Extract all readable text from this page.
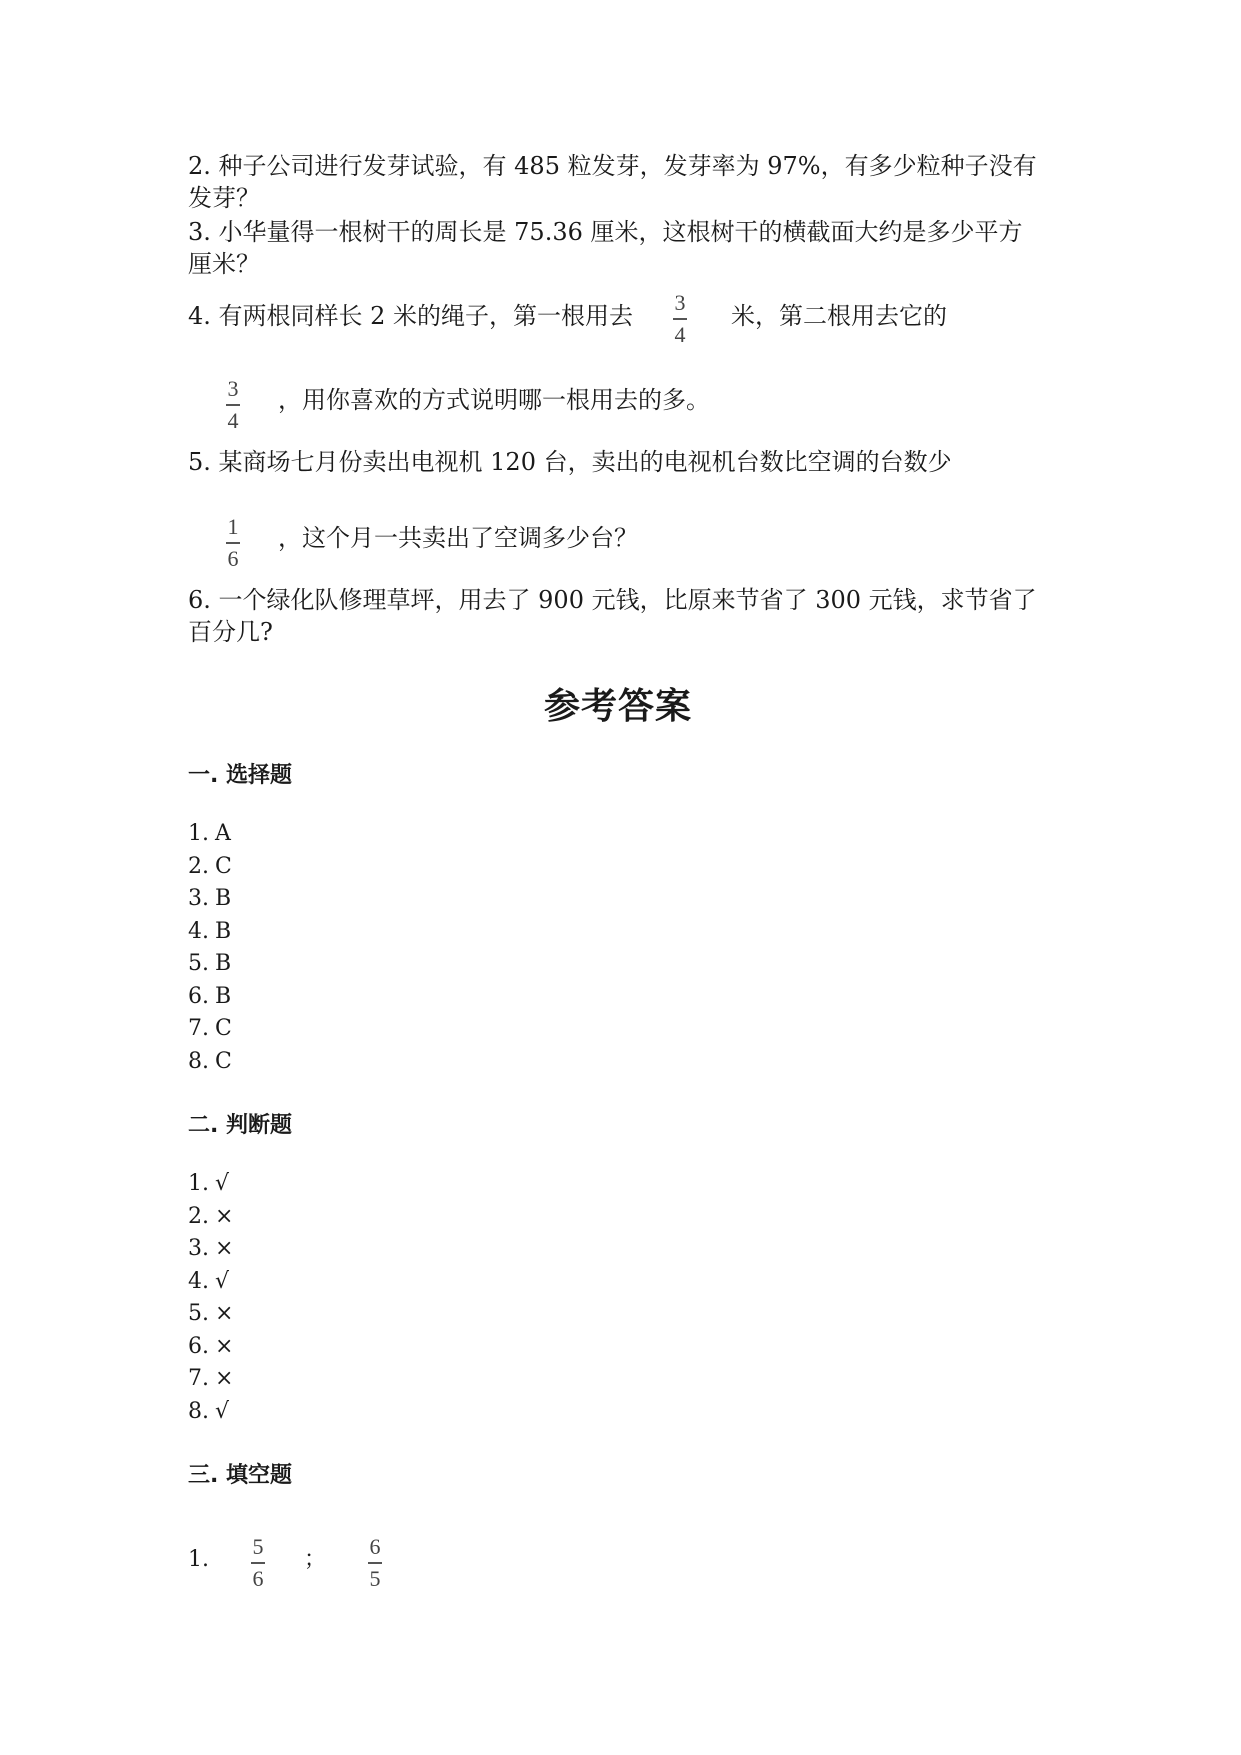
2. 种子公司进行发芽试验，有 485 粒发芽，发芽率为 97%，有多少粒种子没有
发芽？
3. 小华量得一根树干的周长是 75.36 厘米，这根树干的横截面大约是多少平方
厘米？
4. 有两根同样长 2 米的绳子，第一根用去 3
4
米，第二根用去它的
3
4
，用你喜欢的方式说明哪一根用去的多。
5. 某商场七月份卖出电视机 120 台，卖出的电视机台数比空调的台数少
1
6
，这个月一共卖出了空调多少台？
6. 一个绿化队修理草坪，用去了 900 元钱，比原来节省了 300 元钱，求节省了
百分几?
参考答案
一. 选择题
1. A
2. C
3. B
4. B
5. B
6. B
7. C
8. C
二. 判断题
1. √
2. ×
3. ×
4. √
5. ×
6. ×
7. ×
8. √
三. 填空题
1.
5
6
；
6
5
